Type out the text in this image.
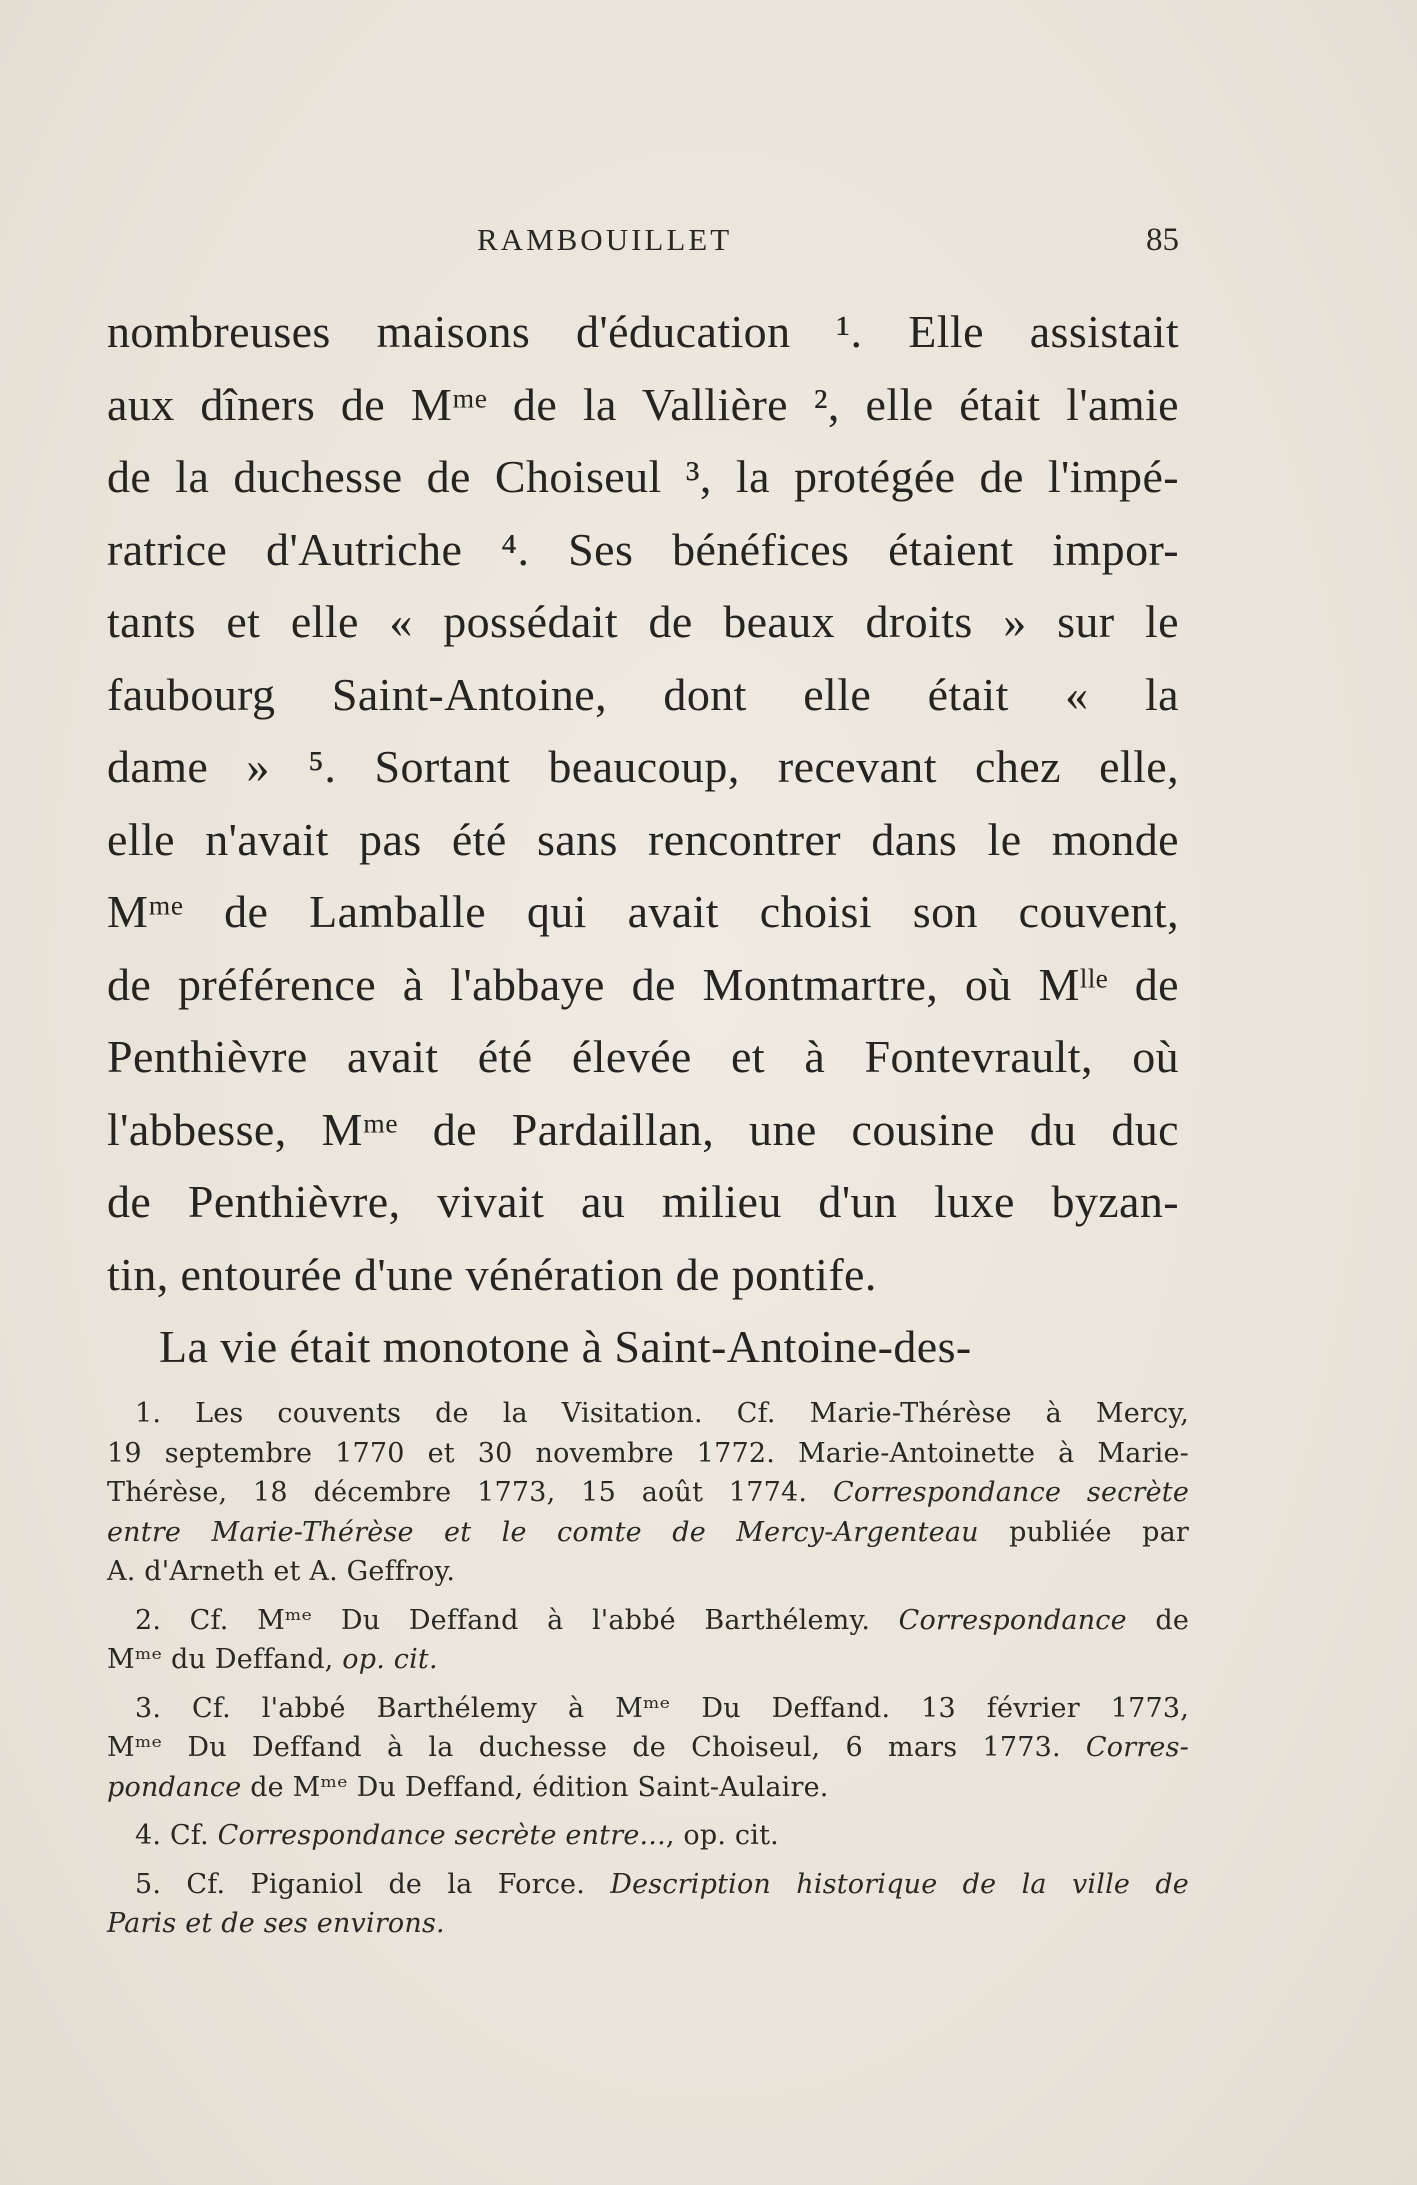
RAMBOUILLET	85
nombreuses maisons d'éducation ¹. Elle assistait
aux dîners de Mᵐᵉ de la Vallière ², elle était l'amie
de la duchesse de Choiseul ³, la protégée de l'impé-
ratrice d'Autriche ⁴. Ses bénéfices étaient impor-
tants et elle « possédait de beaux droits » sur le
faubourg Saint-Antoine, dont elle était « la
dame » ⁵. Sortant beaucoup, recevant chez elle,
elle n'avait pas été sans rencontrer dans le monde
Mᵐᵉ de Lamballe qui avait choisi son couvent,
de préférence à l'abbaye de Montmartre, où Mˡˡᵉ de
Penthièvre avait été élevée et à Fontevrault, où
l'abbesse, Mᵐᵉ de Pardaillan, une cousine du duc
de Penthièvre, vivait au milieu d'un luxe byzan-
tin, entourée d'une vénération de pontife.
La vie était monotone à Saint-Antoine-des-
1. Les couvents de la Visitation. Cf. Marie-Thérèse à Mercy,
19 septembre 1770 et 30 novembre 1772. Marie-Antoinette à Marie-
Thérèse, 18 décembre 1773, 15 août 1774. Correspondance secrète
entre Marie-Thérèse et le comte de Mercy-Argenteau publiée par
A. d'Arneth et A. Geffroy.
2. Cf. Mᵐᵉ Du Deffand à l'abbé Barthélemy. Correspondance de
Mᵐᵉ du Deffand, op. cit.
3. Cf. l'abbé Barthélemy à Mᵐᵉ Du Deffand. 13 février 1773,
Mᵐᵉ Du Deffand à la duchesse de Choiseul, 6 mars 1773. Corres-
pondance de Mᵐᵉ Du Deffand, édition Saint-Aulaire.
4. Cf. Correspondance secrète entre..., op. cit.
5. Cf. Piganiol de la Force. Description historique de la ville de
Paris et de ses environs.
